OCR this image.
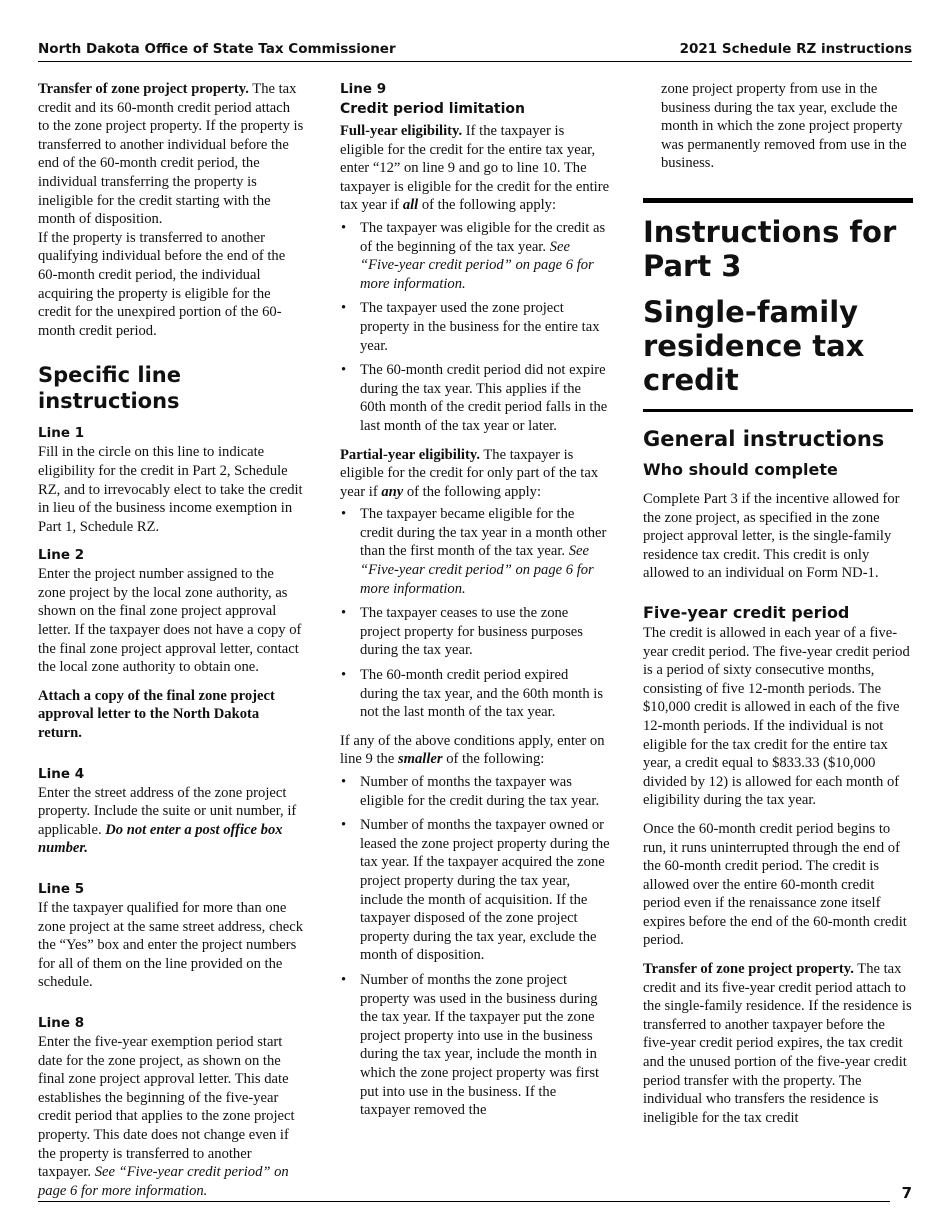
North Dakota Office of State Tax Commissioner	2021 Schedule RZ instructions

Transfer of zone project property. The tax credit and its 60-month credit period attach to the zone project property. If the property is transferred to another individual before the end of the 60-month credit period, the individual transferring the property is ineligible for the credit starting with the month of disposition.

If the property is transferred to another qualifying individual before the end of the 60-month credit period, the individual acquiring the property is eligible for the credit for the unexpired portion of the 60-month credit period.

Specific line instructions
Line 1

Fill in the circle on this line to indicate eligibility for the credit in Part 2, Schedule RZ, and to irrevocably elect to take the credit in lieu of the business income exemption in Part 1, Schedule RZ.

Line 2

Enter the project number assigned to the zone project by the local zone authority, as shown on the final zone project approval letter. If the taxpayer does not have a copy of the final zone project approval letter, contact the local zone authority to obtain one.

Attach a copy of the final zone project approval letter to the North Dakota return.

Line 4

Enter the street address of the zone project property. Include the suite or unit number, if applicable. Do not enter a post office box number.

Line 5

If the taxpayer qualified for more than one zone project at the same street address, check the “Yes” box and enter the project numbers for all of them on the line provided on the schedule.

Line 8

Enter the five-year exemption period start date for the zone project, as shown on the final zone project approval letter. This date establishes the beginning of the five-year credit period that applies to the zone project property. This date does not change even if the property is transferred to another taxpayer. See “Five-year credit period” on page 6 for more information.

Line 9
Credit period limitation

Full-year eligibility. If the taxpayer is eligible for the credit for the entire tax year, enter “12” on line 9 and go to line 10. The taxpayer is eligible for the credit for the entire tax year if all of the following apply:

• The taxpayer was eligible for the credit as of the beginning of the tax year. See “Five-year credit period” on page 6 for more information.
• The taxpayer used the zone project property in the business for the entire tax year.
• The 60-month credit period did not expire during the tax year. This applies if the 60th month of the credit period falls in the last month of the tax year or later.

Partial-year eligibility. The taxpayer is eligible for the credit for only part of the tax year if any of the following apply:

• The taxpayer became eligible for the credit during the tax year in a month other than the first month of the tax year. See “Five-year credit period” on page 6 for more information.
• The taxpayer ceases to use the zone project property for business purposes during the tax year.
• The 60-month credit period expired during the tax year, and the 60th month is not the last month of the tax year.

If any of the above conditions apply, enter on line 9 the smaller of the following:

• Number of months the taxpayer was eligible for the credit during the tax year.
• Number of months the taxpayer owned or leased the zone project property during the tax year. If the taxpayer acquired the zone project property during the tax year, include the month of acquisition. If the taxpayer disposed of the zone project property during the tax year, exclude the month of disposition.
• Number of months the zone project property was used in the business during the tax year. If the taxpayer put the zone project property into use in the business during the tax year, include the month in which the zone project property was first put into use in the business. If the taxpayer removed the

zone project property from use in the business during the tax year, exclude the month in which the zone project property was permanently removed from use in the business.

Instructions for Part 3
Single-family residence tax credit
General instructions
Who should complete

Complete Part 3 if the incentive allowed for the zone project, as specified in the zone project approval letter, is the single-family residence tax credit. This credit is only allowed to an individual on Form ND-1.

Five-year credit period

The credit is allowed in each year of a five-year credit period. The five-year credit period is a period of sixty consecutive months, consisting of five 12-month periods. The $10,000 credit is allowed in each of the five 12-month periods. If the individual is not eligible for the tax credit for the entire tax year, a credit equal to $833.33 ($10,000 divided by 12) is allowed for each month of eligibility during the tax year.

Once the 60-month credit period begins to run, it runs uninterrupted through the end of the 60-month credit period. The credit is allowed over the entire 60-month credit period even if the renaissance zone itself expires before the end of the 60-month credit period.

Transfer of zone project property. The tax credit and its five-year credit period attach to the single-family residence. If the residence is transferred to another taxpayer before the five-year credit period expires, the tax credit and the unused portion of the five-year credit period transfer with the property. The individual who transfers the residence is ineligible for the tax credit

7
